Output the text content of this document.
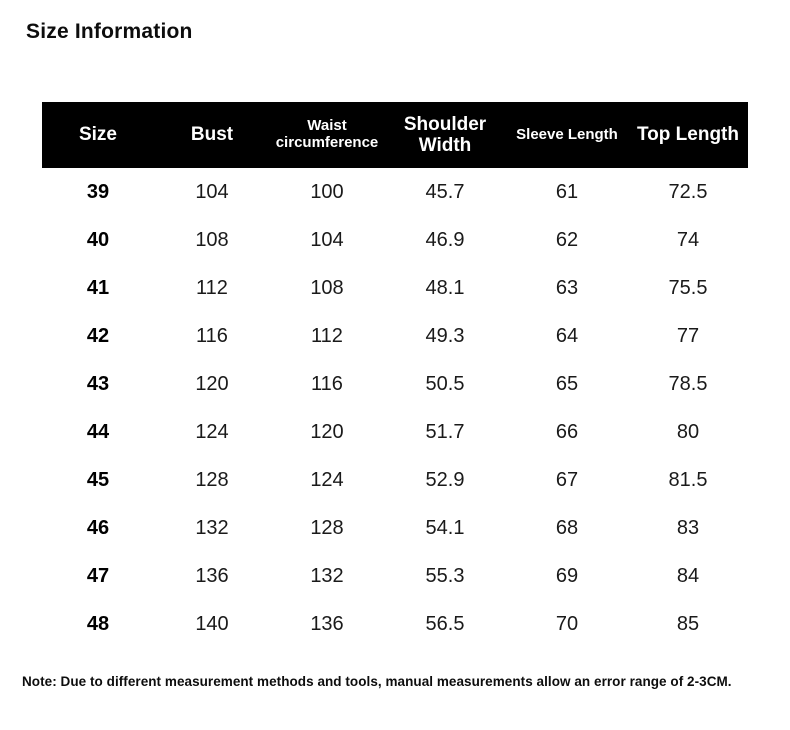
Size Information
Size	Bust	Waist circumference	Shoulder Width	Sleeve Length	Top Length
39	104	100	45.7	61	72.5
40	108	104	46.9	62	74
41	112	108	48.1	63	75.5
42	116	112	49.3	64	77
43	120	116	50.5	65	78.5
44	124	120	51.7	66	80
45	128	124	52.9	67	81.5
46	132	128	54.1	68	83
47	136	132	55.3	69	84
48	140	136	56.5	70	85
Note: Due to different measurement methods and tools, manual measurements allow an error range of 2-3CM.
